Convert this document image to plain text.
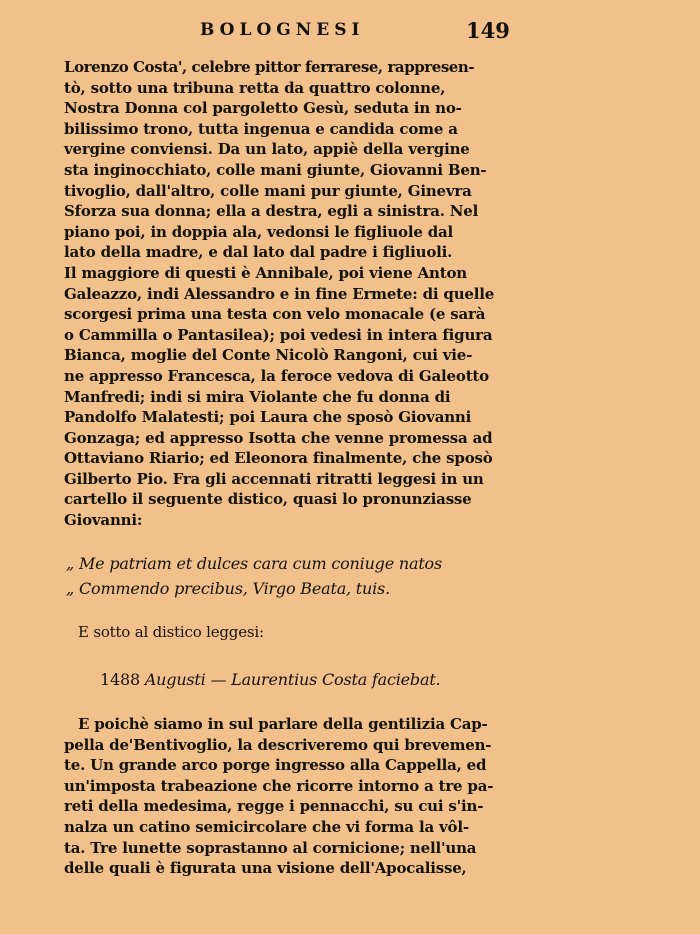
BOLOGNESI	149
Lorenzo Costa', celebre pittor ferrarese, rappresen-
tò, sotto una tribuna retta da quattro colonne,
Nostra Donna col pargoletto Gesù, seduta in no-
bilissimo trono, tutta ingenua e candida come a
vergine conviensi. Da un lato, appiè della vergine
sta inginocchiato, colle mani giunte, Giovanni Ben-
tivoglio, dall'altro, colle mani pur giunte, Ginevra
Sforza sua donna; ella a destra, egli a sinistra. Nel
piano poi, in doppia ala, vedonsi le figliuole dal
lato della madre, e dal lato dal padre i figliuoli.
Il maggiore di questi è Annibale, poi viene Anton
Galeazzo, indi Alessandro e in fine Ermete: di quelle
scorgesi prima una testa con velo monacale (e sarà
o Cammilla o Pantasilea); poi vedesi in intera figura
Bianca, moglie del Conte Nicolò Rangoni, cui vie-
ne appresso Francesca, la feroce vedova di Galeotto
Manfredi; indi si mira Violante che fu donna di
Pandolfo Malatesti; poi Laura che sposò Giovanni
Gonzaga; ed appresso Isotta che venne promessa ad
Ottaviano Riario; ed Eleonora finalmente, che sposò
Gilberto Pio. Fra gli accennati ritratti leggesi in un
cartello il seguente distico, quasi lo pronunziasse
Giovanni:
„ Me patriam et dulces cara cum coniuge natos
„ Commendo precibus, Virgo Beata, tuis.
E sotto al distico leggesi:
1488 Augusti — Laurentius Costa faciebat.
E poichè siamo in sul parlare della gentilizia Cap-
pella de'Bentivoglio, la descriveremo qui brevemen-
te. Un grande arco porge ingresso alla Cappella, ed
un'imposta trabeazione che ricorre intorno a tre pa-
reti della medesima, regge i pennacchi, su cui s'in-
nalza un catino semicircolare che vi forma la vôl-
ta. Tre lunette soprastanno al cornicione; nell'una
delle quali è figurata una visione dell'Apocalisse,
